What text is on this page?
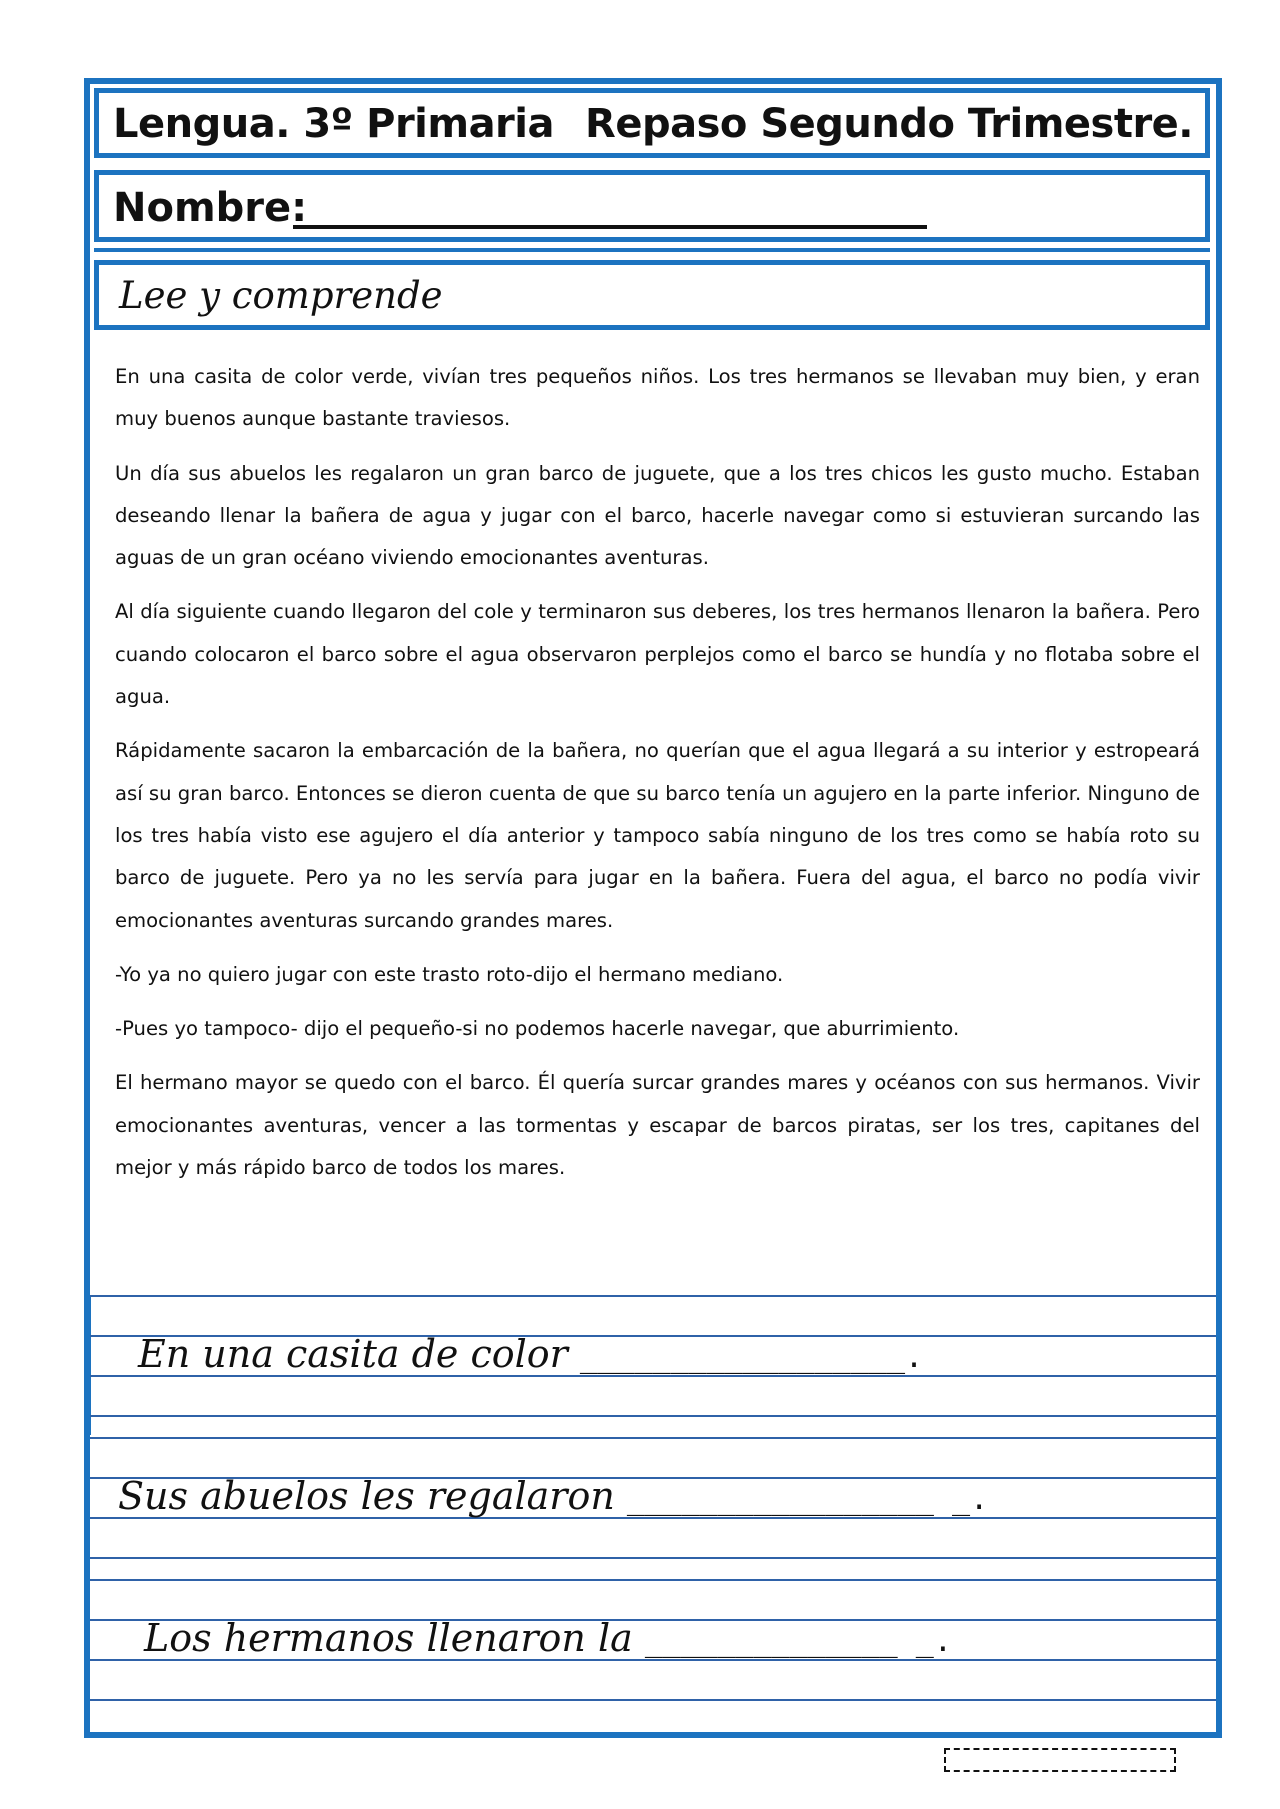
Lengua. 3º Primaria Repaso Segundo Trimestre.
Nombre:
Lee y comprende

En una casita de color verde, vivían tres pequeños niños. Los tres hermanos se llevaban muy bien, y eran muy buenos aunque bastante traviesos.

Un día sus abuelos les regalaron un gran barco de juguete, que a los tres chicos les gusto mucho. Estaban deseando llenar la bañera de agua y jugar con el barco, hacerle navegar como si estuvieran surcando las aguas de un gran océano viviendo emocionantes aventuras.

Al día siguiente cuando llegaron del cole y terminaron sus deberes, los tres hermanos llenaron la bañera. Pero cuando colocaron el barco sobre el agua observaron perplejos como el barco se hundía y no flotaba sobre el agua.

Rápidamente sacaron la embarcación de la bañera, no querían que el agua llegará a su interior y estropeará así su gran barco. Entonces se dieron cuenta de que su barco tenía un agujero en la parte inferior. Ninguno de los tres había visto ese agujero el día anterior y tampoco sabía ninguno de los tres como se había roto su barco de juguete. Pero ya no les servía para jugar en la bañera. Fuera del agua, el barco no podía vivir emocionantes aventuras surcando grandes mares.

-Yo ya no quiero jugar con este trasto roto-dijo el hermano mediano.

-Pues yo tampoco- dijo el pequeño-si no podemos hacerle navegar, que aburrimiento.

El hermano mayor se quedo con el barco. Él quería surcar grandes mares y océanos con sus hermanos. Vivir emocionantes aventuras, vencer a las tormentas y escapar de barcos piratas, ser los tres, capitanes del mejor y más rápido barco de todos los mares.

En una casita de color __________________.
Sus abuelos les regalaron _________________ _.
Los hermanos llenaron la ______________ _.
